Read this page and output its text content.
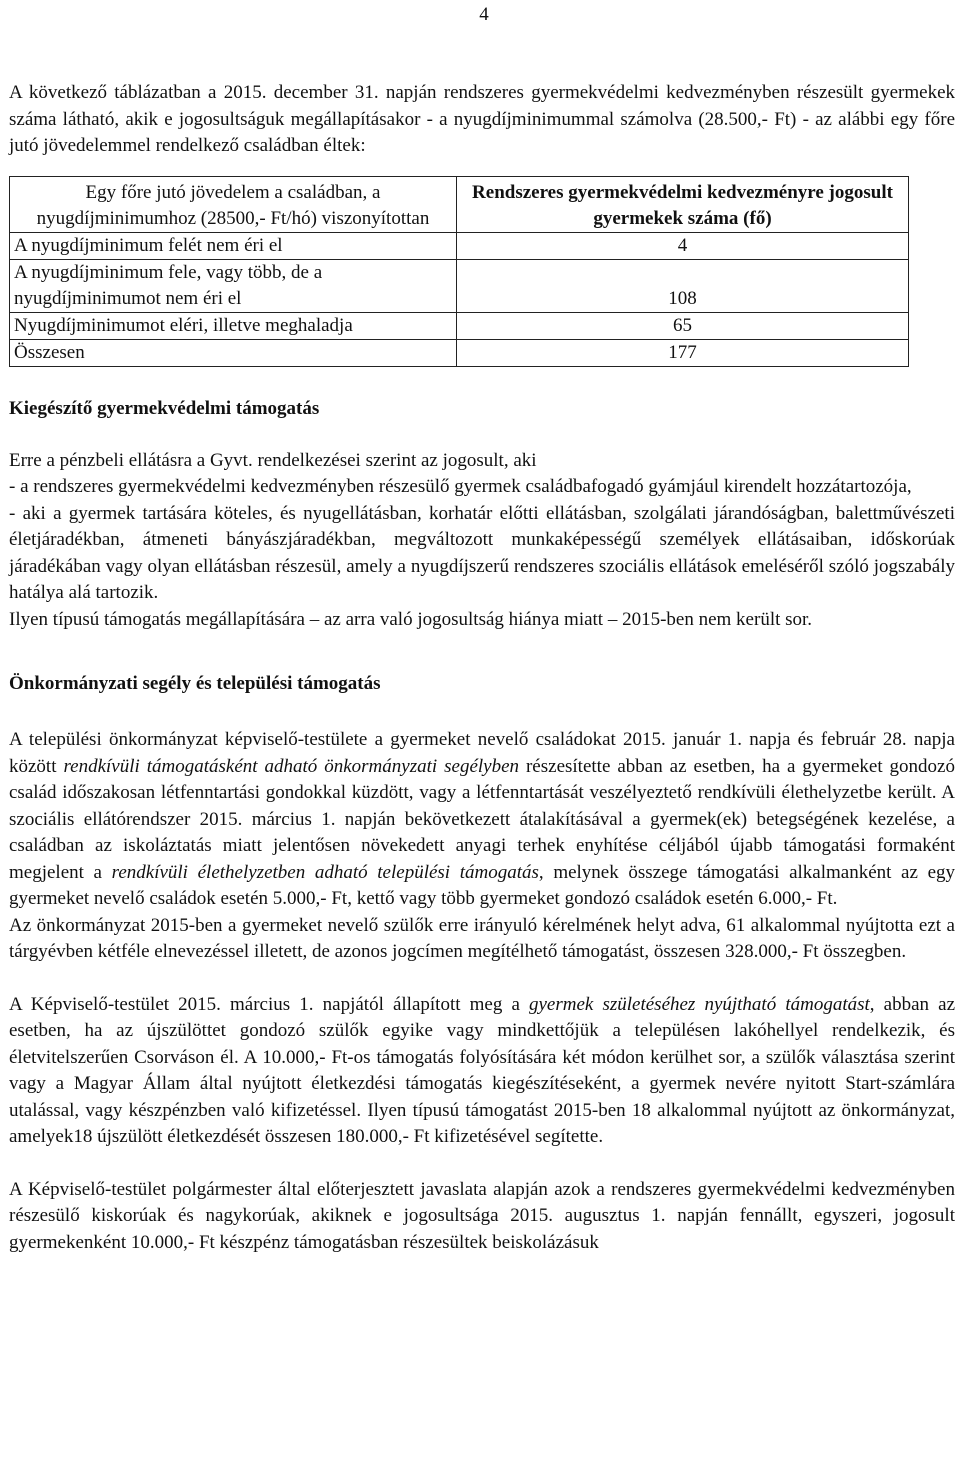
4

A következő táblázatban a 2015. december 31. napján rendszeres gyermekvédelmi kedvezményben részesült gyermekek száma látható, akik e jogosultságuk megállapításakor - a nyugdíjminimummal számolva (28.500,- Ft) - az alábbi egy főre jutó jövedelemmel rendelkező családban éltek:

Egy főre jutó jövedelem a családban, a nyugdíjminimumhoz (28500,- Ft/hó) viszonyítottan	Rendszeres gyermekvédelmi kedvezményre jogosult gyermekek száma (fő)
A nyugdíjminimum felét nem éri el	4
A nyugdíjminimum fele, vagy több, de a nyugdíjminimumot nem éri el	108
Nyugdíjminimumot eléri, illetve meghaladja	65
Összesen	177
Kiegészítő gyermekvédelmi támogatás

Erre a pénzbeli ellátásra a Gyvt. rendelkezései szerint az jogosult, aki

- a rendszeres gyermekvédelmi kedvezményben részesülő gyermek családbafogadó gyámjául kirendelt hozzátartozója,

- aki a gyermek tartására köteles, és nyugellátásban, korhatár előtti ellátásban, szolgálati járandóságban, balettművészeti életjáradékban, átmeneti bányászjáradékban, megváltozott munkaképességű személyek ellátásaiban, időskorúak járadékában vagy olyan ellátásban részesül, amely a nyugdíjszerű rendszeres szociális ellátások emeléséről szóló jogszabály hatálya alá tartozik.

Ilyen típusú támogatás megállapítására – az arra való jogosultság hiánya miatt – 2015-ben nem került sor.

Önkormányzati segély és települési támogatás

A települési önkormányzat képviselő-testülete a gyermeket nevelő családokat 2015. január 1. napja és február 28. napja között rendkívüli támogatásként adható önkormányzati segélyben részesítette abban az esetben, ha a gyermeket gondozó család időszakosan létfenntartási gondokkal küzdött, vagy a létfenntartását veszélyeztető rendkívüli élethelyzetbe került. A szociális ellátórendszer 2015. március 1. napján bekövetkezett átalakításával a gyermek(ek) betegségének kezelése, a családban az iskoláztatás miatt jelentősen növekedett anyagi terhek enyhítése céljából újabb támogatási formaként megjelent a rendkívüli élethelyzetben adható települési támogatás, melynek összege támogatási alkalmanként az egy gyermeket nevelő családok esetén 5.000,- Ft, kettő vagy több gyermeket gondozó családok esetén 6.000,- Ft.

Az önkormányzat 2015-ben a gyermeket nevelő szülők erre irányuló kérelmének helyt adva, 61 alkalommal nyújtotta ezt a tárgyévben kétféle elnevezéssel illetett, de azonos jogcímen megítélhető támogatást, összesen 328.000,- Ft összegben.

A Képviselő-testület 2015. március 1. napjától állapított meg a gyermek születéséhez nyújtható támogatást, abban az esetben, ha az újszülöttet gondozó szülők egyike vagy mindkettőjük a településen lakóhellyel rendelkezik, és életvitelszerűen Csorváson él. A 10.000,- Ft-os támogatás folyósítására két módon kerülhet sor, a szülők választása szerint vagy a Magyar Állam által nyújtott életkezdési támogatás kiegészítéseként, a gyermek nevére nyitott Start-számlára utalással, vagy készpénzben való kifizetéssel. Ilyen típusú támogatást 2015-ben 18 alkalommal nyújtott az önkormányzat, amelyek18 újszülött életkezdését összesen 180.000,- Ft kifizetésével segítette.

A Képviselő-testület polgármester által előterjesztett javaslata alapján azok a rendszeres gyermekvédelmi kedvezményben részesülő kiskorúak és nagykorúak, akiknek e jogosultsága 2015. augusztus 1. napján fennállt, egyszeri, jogosult gyermekenként 10.000,- Ft készpénz támogatásban részesültek beiskolázásuk
